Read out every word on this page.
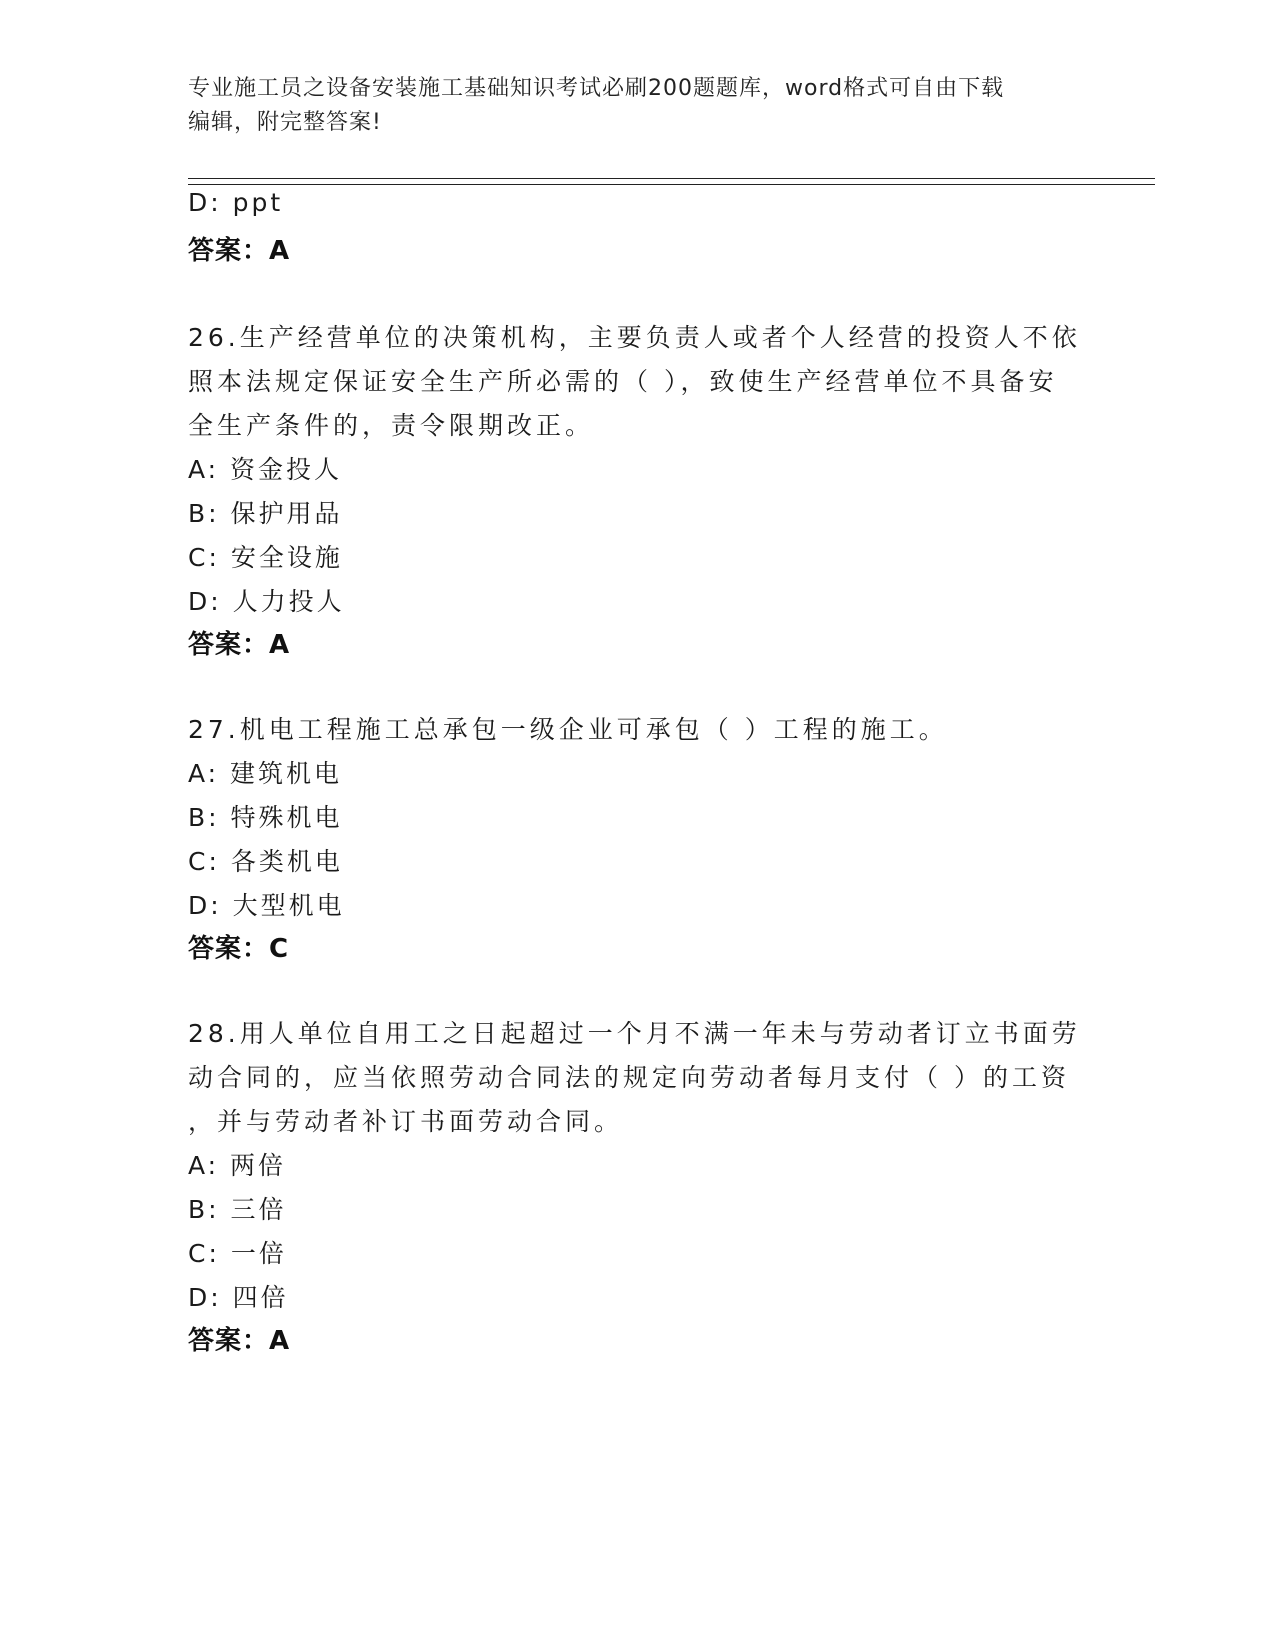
专业施工员之设备安装施工基础知识考试必刷200题题库，word格式可自由下载
编辑，附完整答案!
D: ppt
答案：A
26.生产经营单位的决策机构，主要负责人或者个人经营的投资人不依
照本法规定保证安全生产所必需的（ ），致使生产经营单位不具备安
全生产条件的，责令限期改正。
A: 资金投人
B: 保护用品
C: 安全设施
D: 人力投人
答案：A
27.机电工程施工总承包一级企业可承包（ ）工程的施工。
A: 建筑机电
B: 特殊机电
C: 各类机电
D: 大型机电
答案：C
28.用人单位自用工之日起超过一个月不满一年未与劳动者订立书面劳
动合同的，应当依照劳动合同法的规定向劳动者每月支付（ ）的工资
，并与劳动者补订书面劳动合同。
A: 两倍
B: 三倍
C: 一倍
D: 四倍
答案：A
